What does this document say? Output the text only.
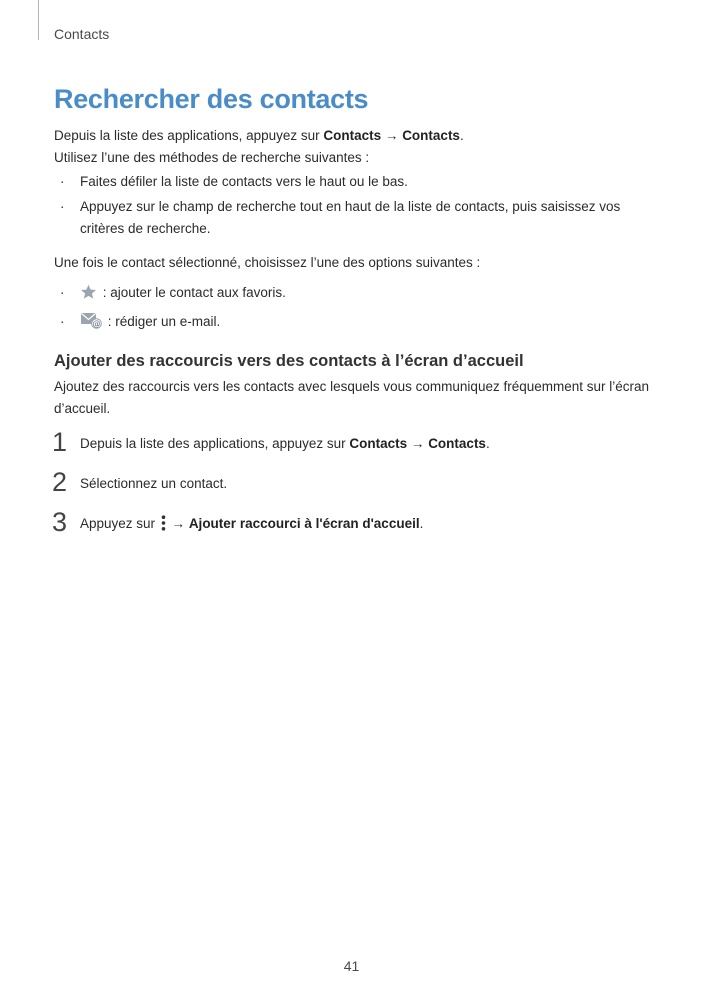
Contacts
Rechercher des contacts

Depuis la liste des applications, appuyez sur Contacts → Contacts.

Utilisez l’une des méthodes de recherche suivantes :

· Faites défiler la liste de contacts vers le haut ou le bas.
· Appuyez sur le champ de recherche tout en haut de la liste de contacts, puis saisissez vos critères de recherche.

Une fois le contact sélectionné, choisissez l’une des options suivantes :

·	: ajouter le contact aux favoris.
·	@ : rédiger un e-mail.
Ajouter des raccourcis vers des contacts à l’écran d’accueil

Ajoutez des raccourcis vers les contacts avec lesquels vous communiquez fréquemment sur l’écran d’accueil.

1 Depuis la liste des applications, appuyez sur Contacts → Contacts.
2 Sélectionnez un contact.
3 Appuyez sur  → Ajouter raccourci à l'écran d'accueil.
41
